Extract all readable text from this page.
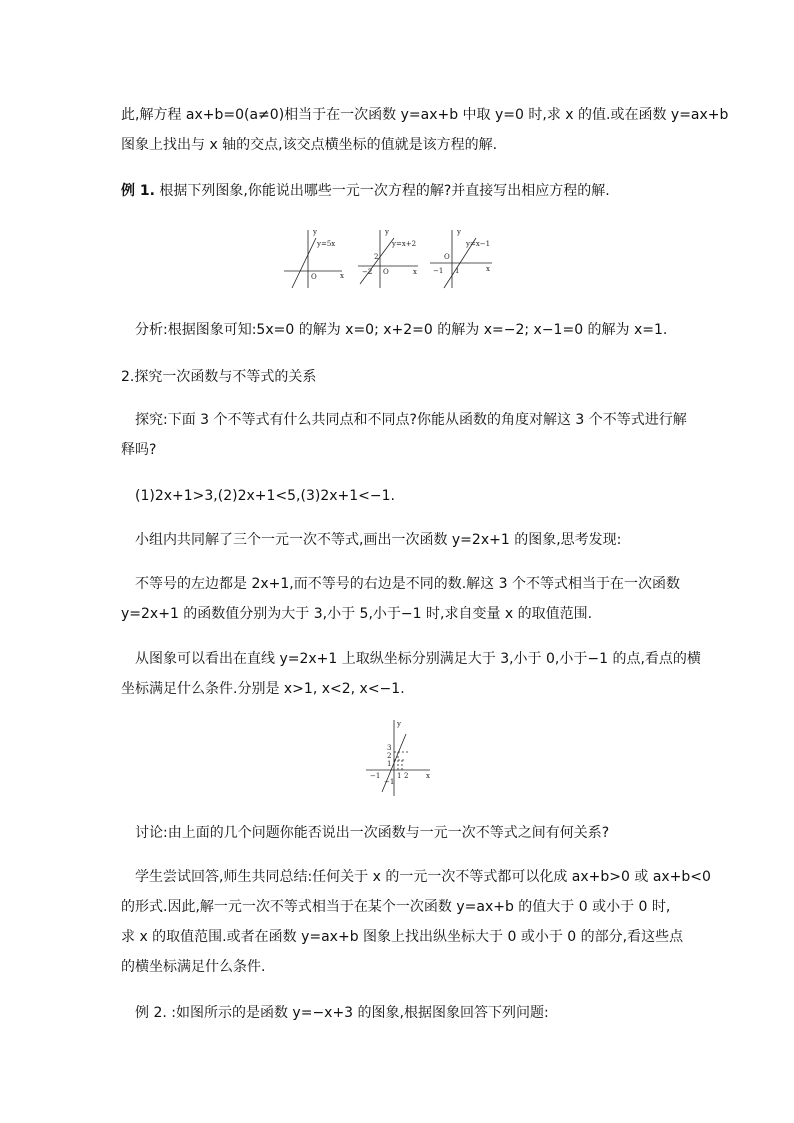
此,解方程 ax+b=0(a≠0)相当于在一次函数 y=ax+b 中取 y=0 时,求 x 的值.或在函数 y=ax+b
图象上找出与 x 轴的交点,该交点横坐标的值就是该方程的解.
例 1. 根据下列图象,你能说出哪些一元一次方程的解?并直接写出相应方程的解.
y
x
O
y=5x
y
x
O
2
−2
y=x+2
y
x
O
−1 1
y=x−1
分析:根据图象可知:5x=0 的解为 x=0; x+2=0 的解为 x=−2; x−1=0 的解为 x=1.
2.探究一次函数与不等式的关系
探究:下面 3 个不等式有什么共同点和不同点?你能从函数的角度对解这 3 个不等式进行解
释吗?
(1)2x+1>3,(2)2x+1<5,(3)2x+1<−1.
小组内共同解了三个一元一次不等式,画出一次函数 y=2x+1 的图象,思考发现:
不等号的左边都是 2x+1,而不等号的右边是不同的数.解这 3 个不等式相当于在一次函数
y=2x+1 的函数值分别为大于 3,小于 5,小于−1 时,求自变量 x 的取值范围.
从图象可以看出在直线 y=2x+1 上取纵坐标分别满足大于 3,小于 0,小于−1 的点,看点的横
坐标满足什么条件.分别是 x>1, x<2, x<−1.
y
x
3
2
1
−1
−1 1 2
讨论:由上面的几个问题你能否说出一次函数与一元一次不等式之间有何关系?
学生尝试回答,师生共同总结:任何关于 x 的一元一次不等式都可以化成 ax+b>0 或 ax+b<0
的形式.因此,解一元一次不等式相当于在某个一次函数 y=ax+b 的值大于 0 或小于 0 时,
求 x 的取值范围.或者在函数 y=ax+b 图象上找出纵坐标大于 0 或小于 0 的部分,看这些点
的横坐标满足什么条件.
例 2. :如图所示的是函数 y=−x+3 的图象,根据图象回答下列问题:
